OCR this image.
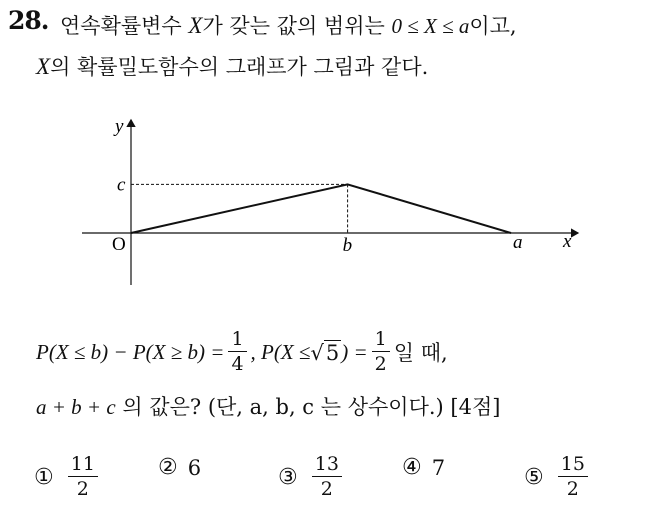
28. 연속확률변수 X가 갖는 값의 범위는 0 ≤ X ≤ a이고,
X의 확률밀도함수의 그래프가 그림과 같다.
x
y
O	b	a
c
$P(X \le b) - P(X \ge b) = \frac{1}{4}$ , P(X ≤ √ 5 ) = $\frac{1}{2}$ 일 때,
a + b + c 의 값은? (단, a, b, c 는 상수이다.) [4점]
① $\frac{11}{2}$	② 6	③ $\frac{13}{2}$	④ 7	⑤ $\frac{15}{2}$
